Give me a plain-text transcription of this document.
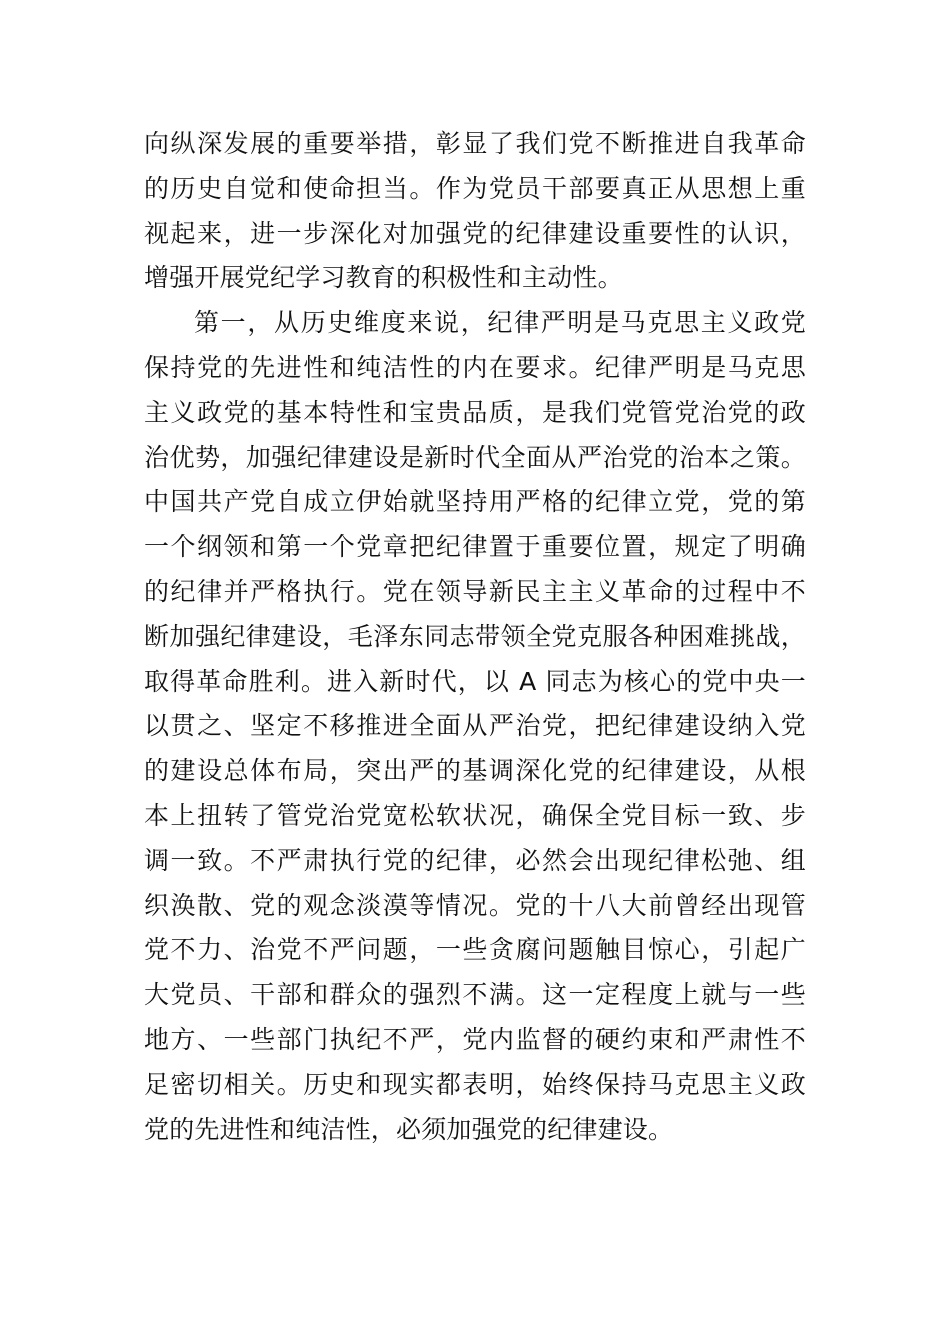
向纵深发展的重要举措，彰显了我们党不断推进自我革命
的历史自觉和使命担当。作为党员干部要真正从思想上重
视起来，进一步深化对加强党的纪律建设重要性的认识，
增强开展党纪学习教育的积极性和主动性。
第一，从历史维度来说，纪律严明是马克思主义政党
保持党的先进性和纯洁性的内在要求。纪律严明是马克思
主义政党的基本特性和宝贵品质，是我们党管党治党的政
治优势，加强纪律建设是新时代全面从严治党的治本之策。
中国共产党自成立伊始就坚持用严格的纪律立党，党的第
一个纲领和第一个党章把纪律置于重要位置，规定了明确
的纪律并严格执行。党在领导新民主主义革命的过程中不
断加强纪律建设，毛泽东同志带领全党克服各种困难挑战，
取得革命胜利。进入新时代，以 A 同志为核心的党中央一
以贯之、坚定不移推进全面从严治党，把纪律建设纳入党
的建设总体布局，突出严的基调深化党的纪律建设，从根
本上扭转了管党治党宽松软状况，确保全党目标一致、步
调一致。不严肃执行党的纪律，必然会出现纪律松弛、组
织涣散、党的观念淡漠等情况。党的十八大前曾经出现管
党不力、治党不严问题，一些贪腐问题触目惊心，引起广
大党员、干部和群众的强烈不满。这一定程度上就与一些
地方、一些部门执纪不严，党内监督的硬约束和严肃性不
足密切相关。历史和现实都表明，始终保持马克思主义政
党的先进性和纯洁性，必须加强党的纪律建设。
